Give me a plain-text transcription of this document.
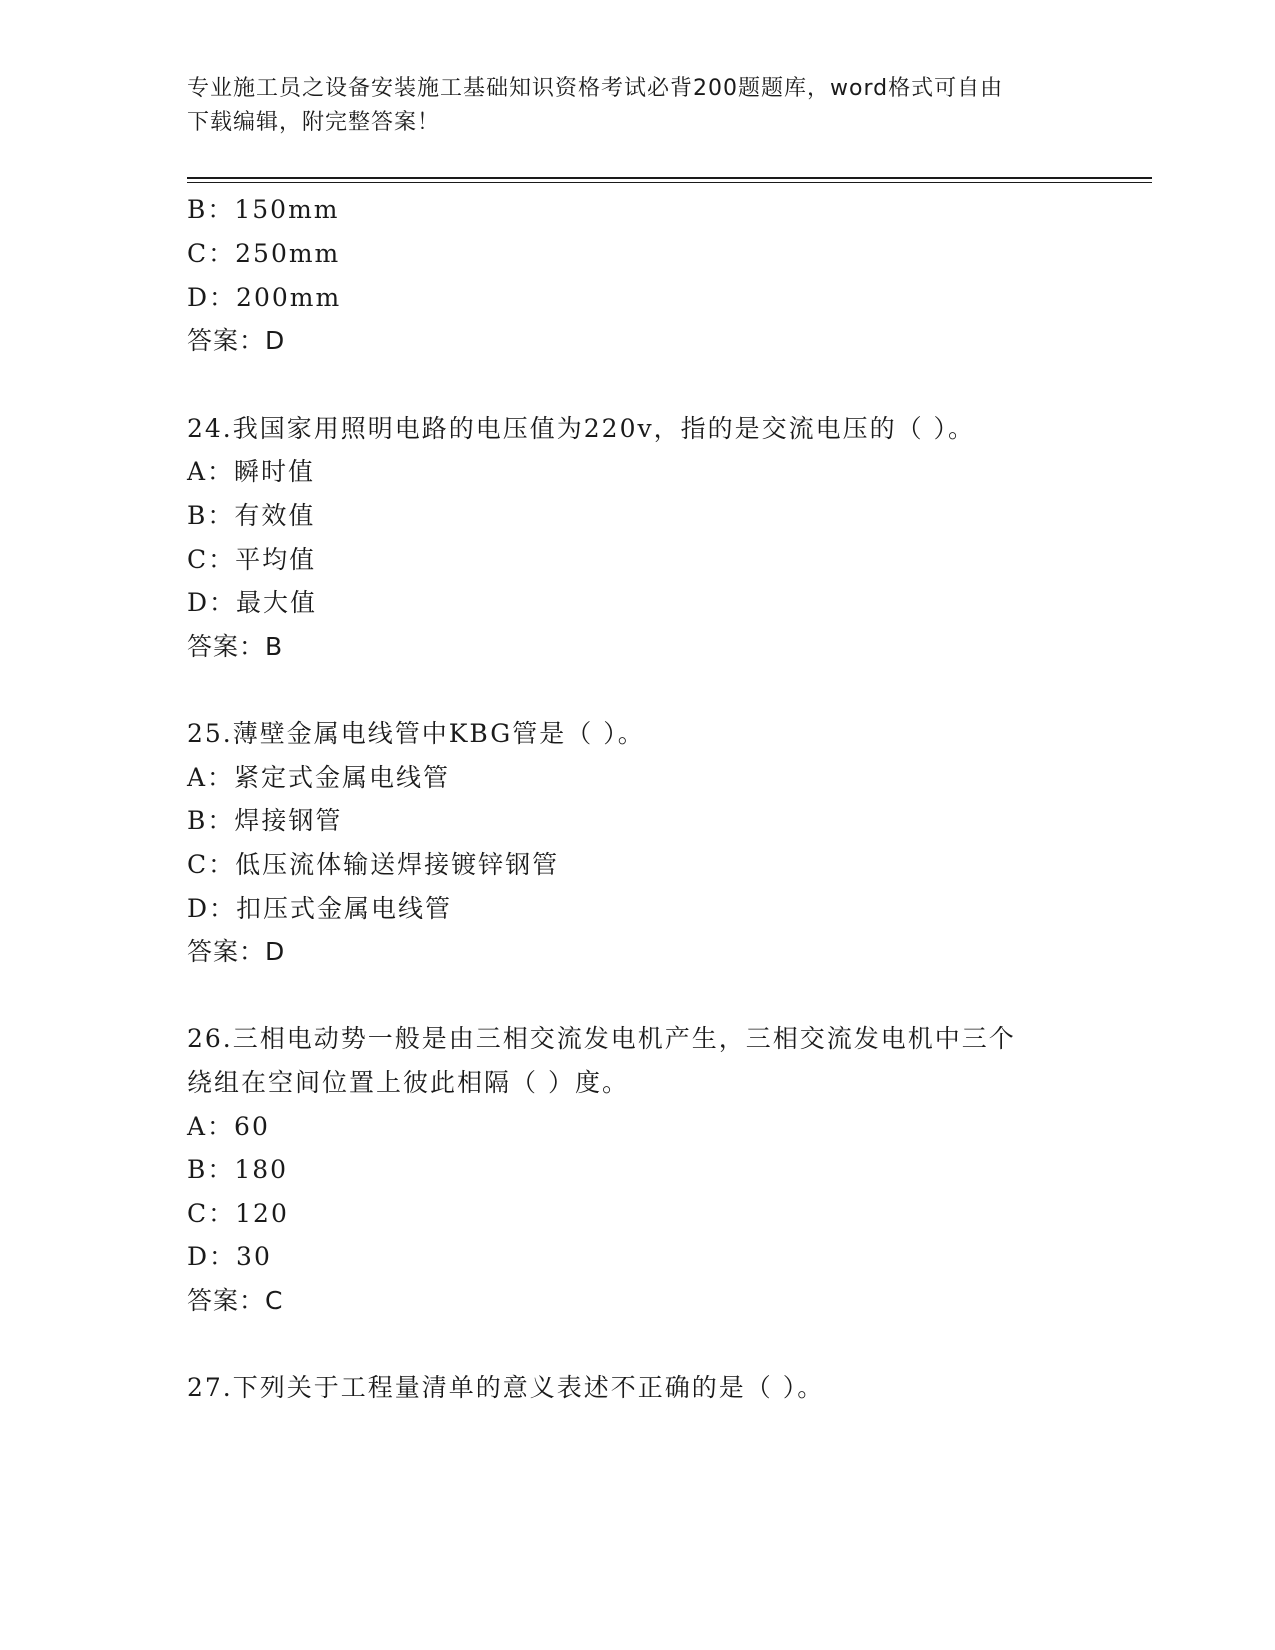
专业施工员之设备安装施工基础知识资格考试必背200题题库，word格式可自由
下载编辑，附完整答案！
B：150mm
C：250mm
D：200mm
答案：D
24.我国家用照明电路的电压值为220v，指的是交流电压的（ ）。
A：瞬时值
B：有效值
C：平均值
D：最大值
答案：B
25.薄壁金属电线管中KBG管是（ ）。
A：紧定式金属电线管
B：焊接钢管
C：低压流体输送焊接镀锌钢管
D：扣压式金属电线管
答案：D
26.三相电动势一般是由三相交流发电机产生，三相交流发电机中三个
绕组在空间位置上彼此相隔（ ）度。
A：60
B：180
C：120
D：30
答案：C
27.下列关于工程量清单的意义表述不正确的是（ ）。
